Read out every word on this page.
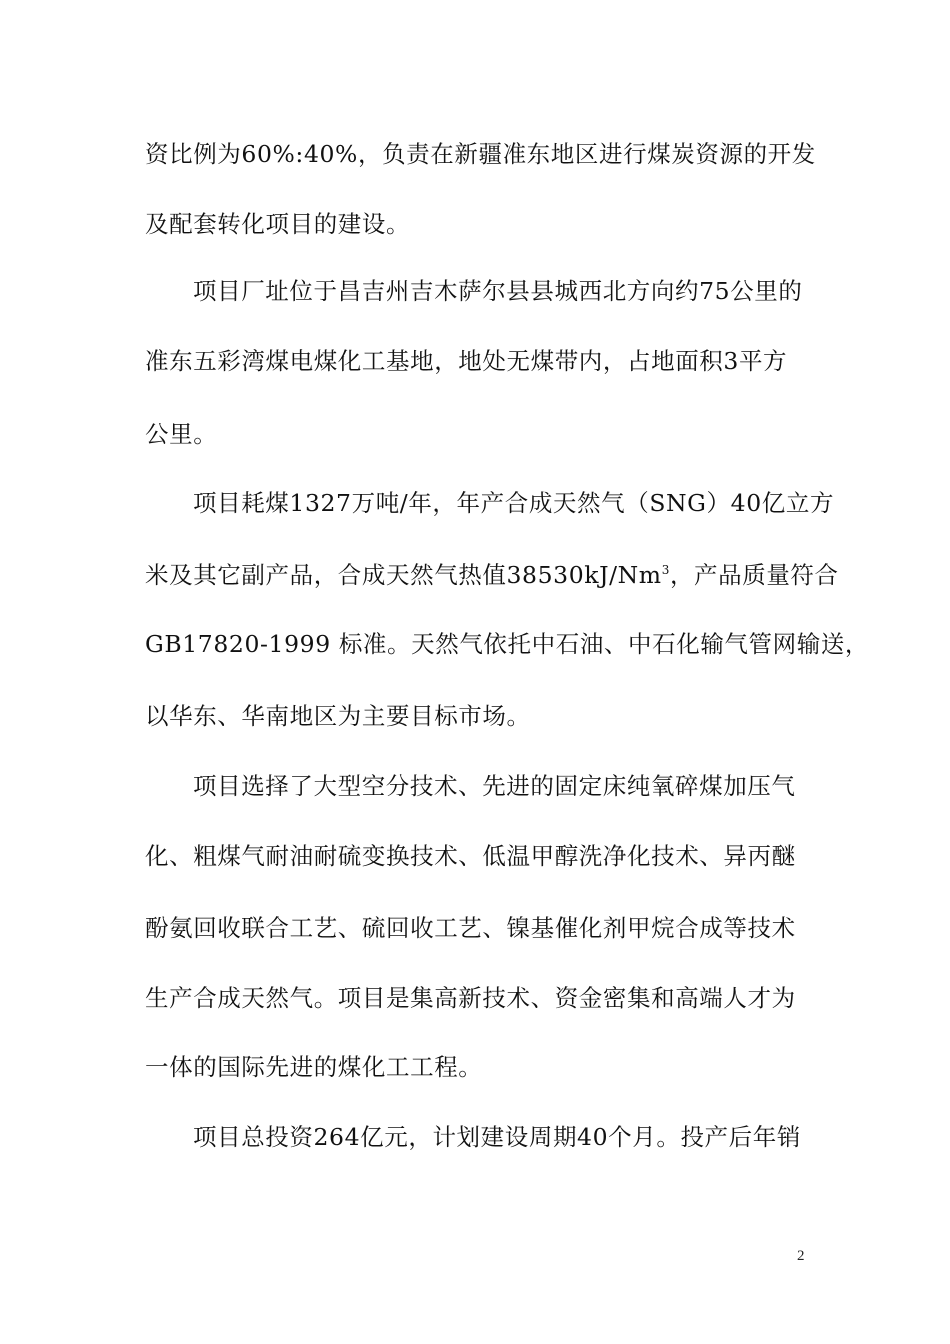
资比例为60%:40%，负责在新疆准东地区进行煤炭资源的开发

及配套转化项目的建设。

项目厂址位于昌吉州吉木萨尔县县城西北方向约75公里的

准东五彩湾煤电煤化工基地，地处无煤带内，占地面积3平方

公里。

项目耗煤1327万吨/年，年产合成天然气（SNG）40亿立方

米及其它副产品，合成天然气热值38530kJ/Nm$^3$，产品质量符合

GB17820-1999 标准。天然气依托中石油、中石化输气管网输送，

以华东、华南地区为主要目标市场。

项目选择了大型空分技术、先进的固定床纯氧碎煤加压气

化、粗煤气耐油耐硫变换技术、低温甲醇洗净化技术、异丙醚

酚氨回收联合工艺、硫回收工艺、镍基催化剂甲烷合成等技术

生产合成天然气。项目是集高新技术、资金密集和高端人才为

一体的国际先进的煤化工工程。

项目总投资264亿元，计划建设周期40个月。投产后年销

2
